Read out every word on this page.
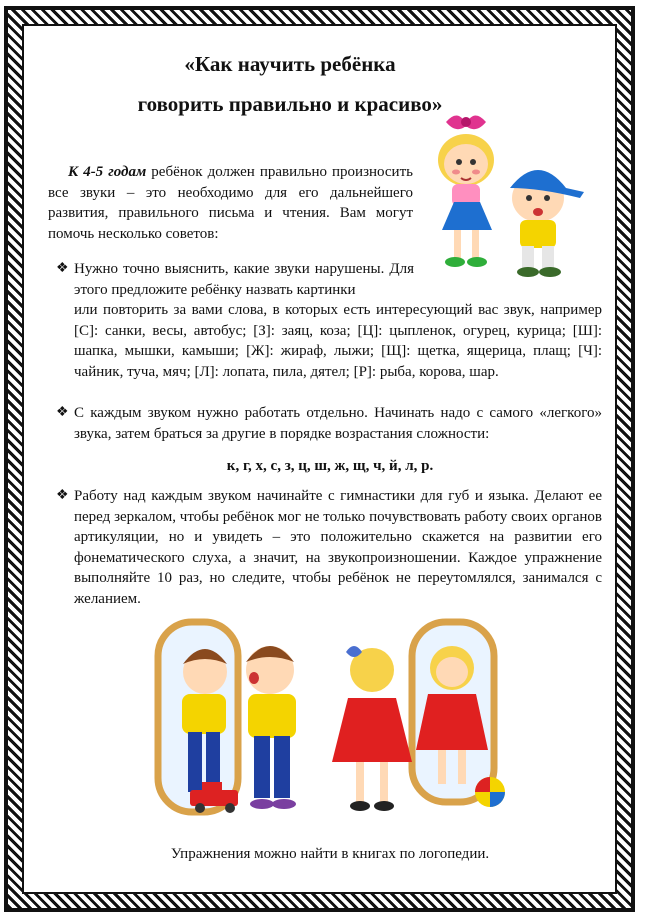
«Как научить ребёнка
говорить правильно и красиво»
К 4-5 годам ребёнок должен правильно произносить все звуки – это необходимо для его дальнейшего развития, правильного письма и чтения. Вам могут помочь несколько советов:
❖ Нужно точно выяснить, какие звуки нарушены. Для этого предложите ребёнку назвать картинки
или повторить за вами слова, в которых есть интересующий вас звук, например [С]: санки, весы, автобус; [З]: заяц, коза; [Ц]: цыпленок, огурец, курица; [Ш]: шапка, мышки, камыши; [Ж]: жираф, лыжи; [Щ]: щетка, ящерица, плащ; [Ч]: чайник, туча, мяч; [Л]: лопата, пила, дятел; [Р]: рыба, корова, шар.
❖ С каждым звуком нужно работать отдельно. Начинать надо с самого «легкого» звука, затем браться за другие в порядке возрастания сложности:
к, г, х, с, з, ц, ш, ж, щ, ч, й, л, р.
❖ Работу над каждым звуком начинайте с гимнастики для губ и языка. Делают ее перед зеркалом, чтобы ребёнок мог не только почувствовать работу своих органов артикуляции, но и увидеть – это положительно скажется на развитии его фонематического слуха, а значит, на звукопроизношении. Каждое упражнение выполняйте 10 раз, но следите, чтобы ребёнок не переутомлялся, занимался с желанием.
Упражнения можно найти в книгах по логопедии.
